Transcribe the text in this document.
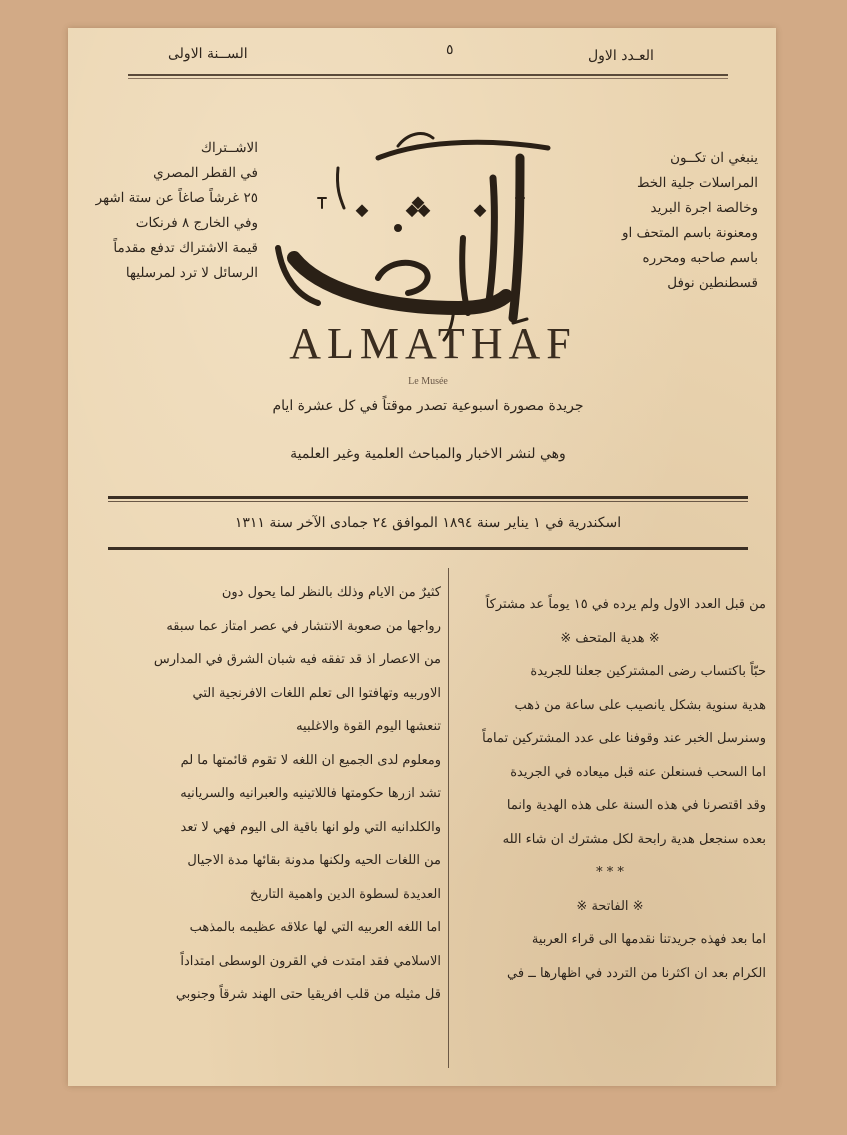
الســنة الاولى	٥	العـدد الاول
ينبغي ان تكــون
المراسلات جلية الخط
وخالصة اجرة البريد
ومعنونة باسم المتحف او
باسم صاحبه ومحرره
قسطنطين نوفل
الاشــتراك
في القطر المصري
٢٥ غرشاً صاغاً عن ستة اشهر
وفي الخارج ٨ فرنكات
قيمة الاشتراك تدفع مقدماً
الرسائل لا ترد لمرسليها
ALMATHAF
Le Musée
جريدة مصورة اسبوعية تصدر موقتاً في كل عشرة ايام
وهي لنشر الاخبار والمباحث العلمية وغير العلمية
اسكندرية في ١ يناير سنة ١٨٩٤ الموافق ٢٤ جمادى الآخر سنة ١٣١١
من قبل العدد الاول ولم يرده في ١٥ يوماً عد مشتركاً
※ هدية المتحف ※
حبّاً باكتساب رضى المشتركين جعلنا للجريدة
هدية سنوية بشكل يانصيب على ساعة من ذهب
وسنرسل الخبر عند وقوفنا على عدد المشتركين تماماً
اما السحب فسنعلن عنه قبل ميعاده في الجريدة
وقد اقتصرنا في هذه السنة على هذه الهدية وانما
بعده سنجعل هدية رابحة لكل مشترك ان شاء الله
* * *
※ الفاتحة ※
اما بعد فهذه جريدتنا نقدمها الى قراء العربية
الكرام بعد ان اكثرنا من التردد في اظهارها ــ في
كثيرٌ من الايام وذلك بالنظر لما يحول دون
رواجها من صعوبة الانتشار في عصر امتاز عما سبقه
من الاعصار اذ قد تفقه فيه شبان الشرق في المدارس
الاوربيه وتهافتوا الى تعلم اللغات الافرنجية التي
تنعشها اليوم القوة والاغلبيه
ومعلوم لدى الجميع ان اللغه لا تقوم قائمتها ما لم
تشد ازرها حكومتها فاللاتينيه والعبرانيه والسريانيه
والكلدانيه التي ولو انها باقية الى اليوم فهي لا تعد
من اللغات الحيه ولكنها مدونة بقائها مدة الاجيال
العديدة لسطوة الدين واهمية التاريخ
اما اللغه العربيه التي لها علاقه عظيمه بالمذهب
الاسلامي فقد امتدت في القرون الوسطى امتداداً
قل مثيله من قلب افريقيا حتى الهند شرقاً وجنوبي
